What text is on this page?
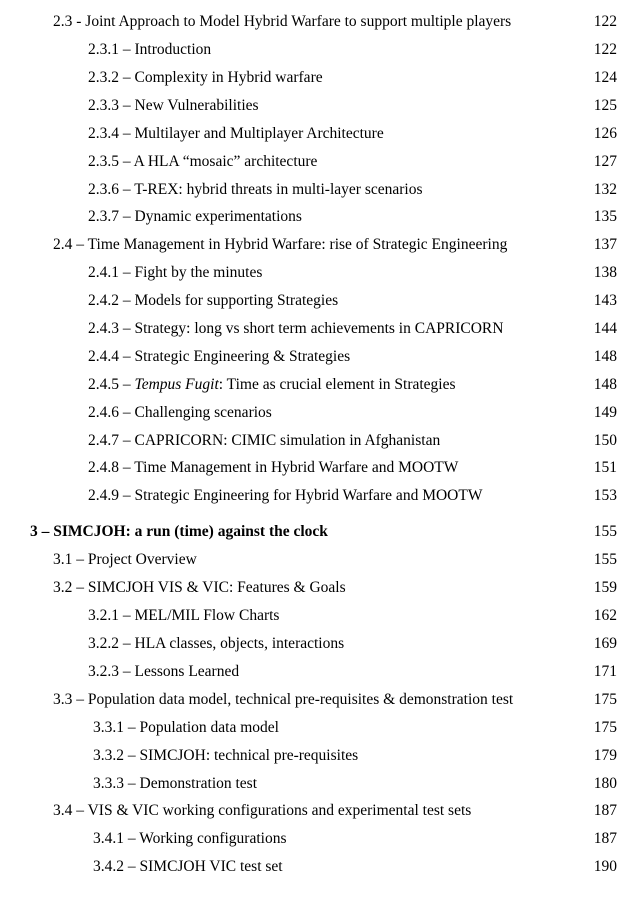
2.3 - Joint Approach to Model Hybrid Warfare to support multiple players	122
2.3.1 – Introduction	122
2.3.2 – Complexity in Hybrid warfare	124
2.3.3 – New Vulnerabilities	125
2.3.4 – Multilayer and Multiplayer Architecture	126
2.3.5 – A HLA “mosaic” architecture	127
2.3.6 – T-REX: hybrid threats in multi-layer scenarios	132
2.3.7 – Dynamic experimentations	135
2.4 – Time Management in Hybrid Warfare: rise of Strategic Engineering	137
2.4.1 – Fight by the minutes	138
2.4.2 – Models for supporting Strategies	143
2.4.3 – Strategy: long vs short term achievements in CAPRICORN	144
2.4.4 – Strategic Engineering & Strategies	148
2.4.5 – Tempus Fugit: Time as crucial element in Strategies	148
2.4.6 – Challenging scenarios	149
2.4.7 – CAPRICORN: CIMIC simulation in Afghanistan	150
2.4.8 – Time Management in Hybrid Warfare and MOOTW	151
2.4.9 – Strategic Engineering for Hybrid Warfare and MOOTW	153
3 – SIMCJOH: a run (time) against the clock	155
3.1 – Project Overview	155
3.2 – SIMCJOH VIS & VIC: Features & Goals	159
3.2.1 – MEL/MIL Flow Charts	162
3.2.2 – HLA classes, objects, interactions	169
3.2.3 – Lessons Learned	171
3.3 – Population data model, technical pre-requisites & demonstration test	175
3.3.1 – Population data model	175
3.3.2 – SIMCJOH: technical pre-requisites	179
3.3.3 – Demonstration test	180
3.4 – VIS & VIC working configurations and experimental test sets	187
3.4.1 – Working configurations	187
3.4.2 – SIMCJOH VIC test set	190
